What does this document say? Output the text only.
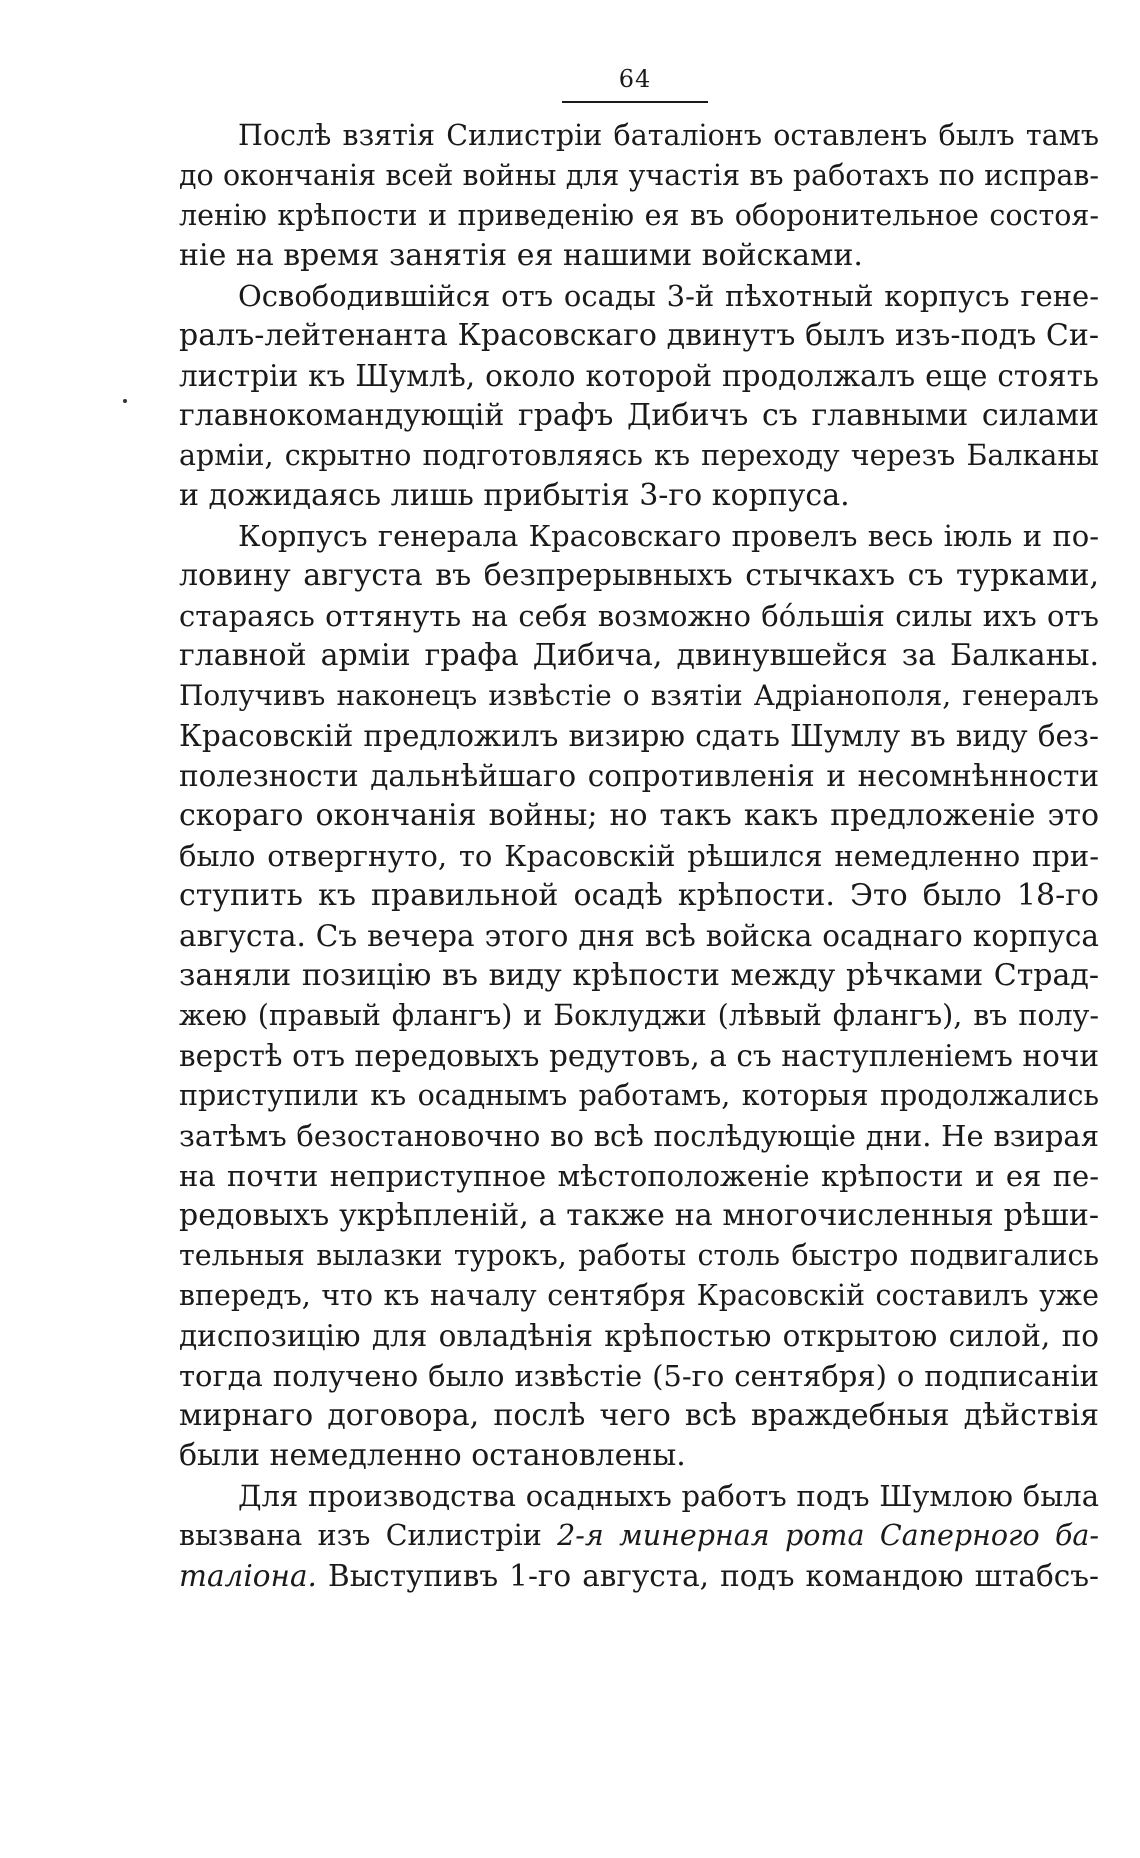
64
Послѣ взятія Силистріи баталіонъ оставленъ былъ тамъ
до окончанія всей войны для участія въ работахъ по исправ-
ленію крѣпости и приведенію ея въ оборонительное состоя-
ніе на время занятія ея нашими войсками.
Освободившійся отъ осады 3-й пѣхотный корпусъ гене-
ралъ-лейтенанта Красовскаго двинутъ былъ изъ-подъ Си-
листріи къ Шумлѣ, около которой продолжалъ еще стоять
главнокомандующій графъ Дибичъ съ главными силами
арміи, скрытно подготовляясь къ переходу черезъ Балканы
и дожидаясь лишь прибытія 3-го корпуса.
Корпусъ генерала Красовскаго провелъ весь іюль и по-
ловину августа въ безпрерывныхъ стычкахъ съ турками,
стараясь оттянуть на себя возможно бóльшія силы ихъ отъ
главной арміи графа Дибича, двинувшейся за Балканы.
Получивъ наконецъ извѣстіе о взятіи Адріанополя, генералъ
Красовскій предложилъ визирю сдать Шумлу въ виду без-
полезности дальнѣйшаго сопротивленія и несомнѣнности
скораго окончанія войны; но такъ какъ предложеніе это
было отвергнуто, то Красовскій рѣшился немедленно при-
ступить къ правильной осадѣ крѣпости. Это было 18-го
августа. Съ вечера этого дня всѣ войска осаднаго корпуса
заняли позицію въ виду крѣпости между рѣчками Страд-
жею (правый флангъ) и Боклуджи (лѣвый флангъ), въ полу-
верстѣ отъ передовыхъ редутовъ, а съ наступленіемъ ночи
приступили къ осаднымъ работамъ, которыя продолжались
затѣмъ безостановочно во всѣ послѣдующіе дни. Не взирая
на почти неприступное мѣстоположеніе крѣпости и ея пе-
редовыхъ укрѣпленій, а также на многочисленныя рѣши-
тельныя вылазки турокъ, работы столь быстро подвигались
впередъ, что къ началу сентября Красовскій составилъ уже
диспозицію для овладѣнія крѣпостью открытою силой, по
тогда получено было извѣстіе (5-го сентября) о подписаніи
мирнаго договора, послѣ чего всѣ враждебныя дѣйствія
были немедленно остановлены.
Для производства осадныхъ работъ подъ Шумлою была
вызвана изъ Силистріи 2-я минерная рота Саперного ба-
таліона. Выступивъ 1-го августа, подъ командою штабсъ-
